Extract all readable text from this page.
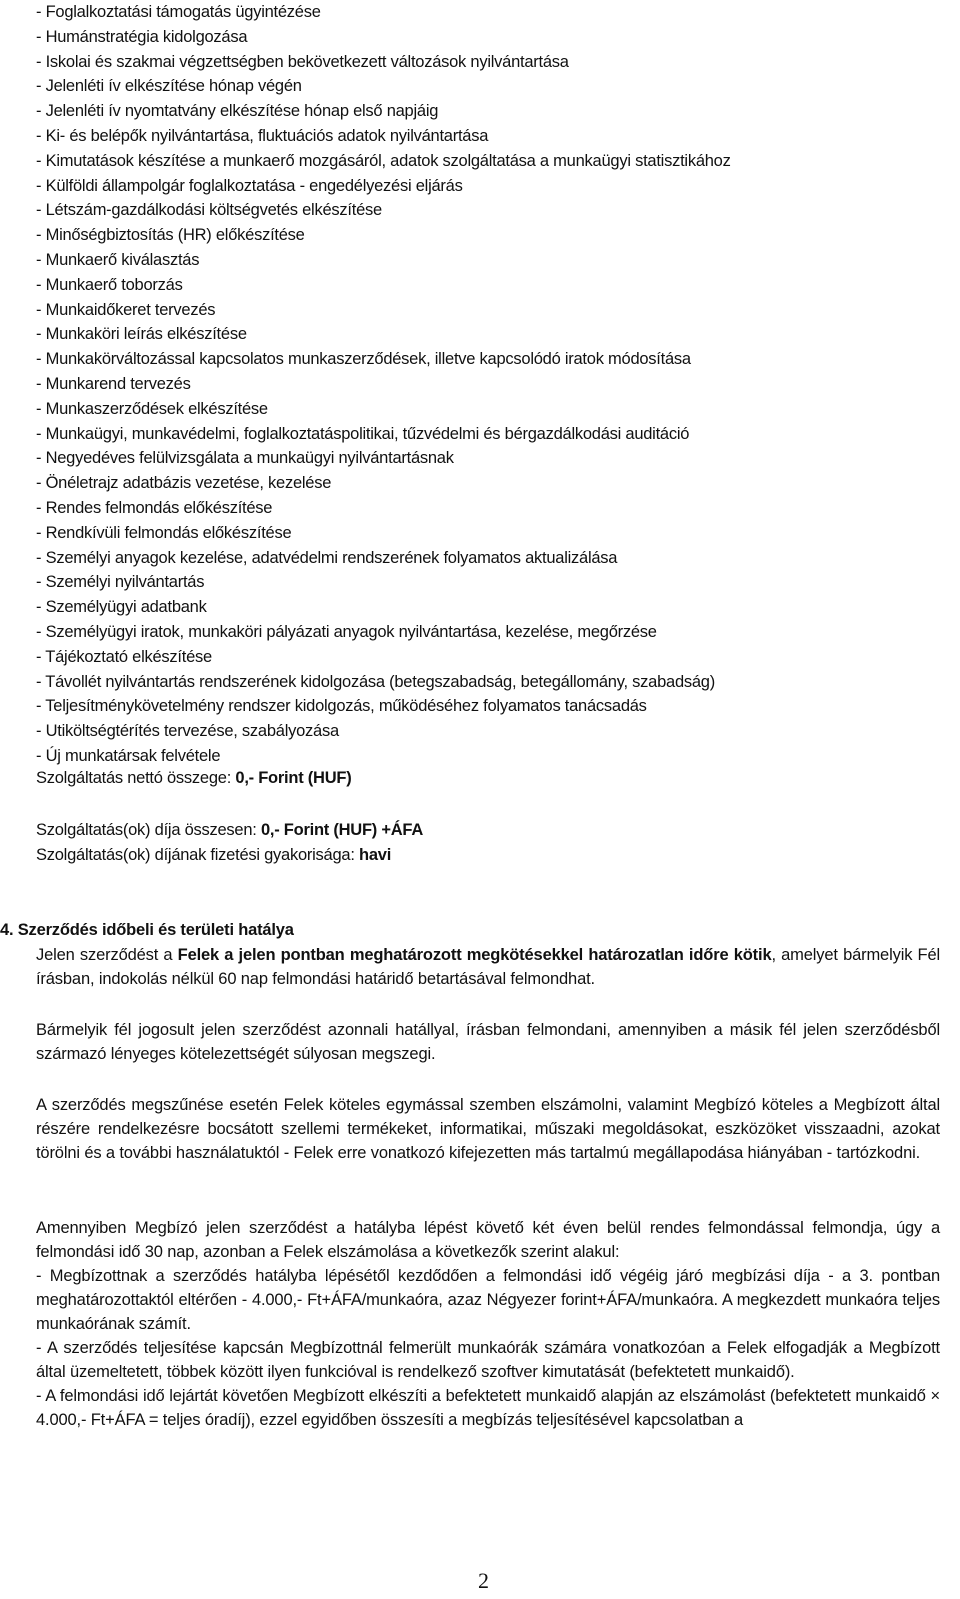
- Foglalkoztatási támogatás ügyintézése
- Humánstratégia kidolgozása
- Iskolai és szakmai végzettségben bekövetkezett változások nyilvántartása
- Jelenléti ív elkészítése hónap végén
- Jelenléti ív nyomtatvány elkészítése hónap első napjáig
- Ki- és belépők nyilvántartása, fluktuációs adatok nyilvántartása
- Kimutatások készítése a munkaerő mozgásáról, adatok szolgáltatása a munkaügyi statisztikához
- Külföldi állampolgár foglalkoztatása - engedélyezési eljárás
- Létszám-gazdálkodási költségvetés elkészítése
- Minőségbiztosítás (HR) előkészítése
- Munkaerő kiválasztás
- Munkaerő toborzás
- Munkaidőkeret tervezés
- Munkaköri leírás elkészítése
- Munkakörváltozással kapcsolatos munkaszerződések, illetve kapcsolódó iratok módosítása
- Munkarend tervezés
- Munkaszerződések elkészítése
- Munkaügyi, munkavédelmi, foglalkoztatáspolitikai, tűzvédelmi és bérgazdálkodási auditáció
- Negyedéves felülvizsgálata a munkaügyi nyilvántartásnak
- Önéletrajz adatbázis vezetése, kezelése
- Rendes felmondás előkészítése
- Rendkívüli felmondás előkészítése
- Személyi anyagok kezelése, adatvédelmi rendszerének folyamatos aktualizálása
- Személyi nyilvántartás
- Személyügyi adatbank
- Személyügyi iratok, munkaköri pályázati anyagok nyilvántartása, kezelése, megőrzése
- Tájékoztató elkészítése
- Távollét nyilvántartás rendszerének kidolgozása (betegszabadság, betegállomány, szabadság)
- Teljesítménykövetelmény rendszer kidolgozás, működéséhez folyamatos tanácsadás
- Utiköltségtérítés tervezése, szabályozása
- Új munkatársak felvétele
Szolgáltatás nettó összege: 0,- Forint (HUF)
Szolgáltatás(ok) díja összesen: 0,- Forint (HUF) +ÁFA
Szolgáltatás(ok) díjának fizetési gyakorisága: havi
4. Szerződés időbeli és területi hatálya

Jelen szerződést a Felek a jelen pontban meghatározott megkötésekkel határozatlan időre kötik, amelyet bármelyik Fél írásban, indokolás nélkül 60 nap felmondási határidő betartásával felmondhat.

Bármelyik fél jogosult jelen szerződést azonnali hatállyal, írásban felmondani, amennyiben a másik fél jelen szerződésből származó lényeges kötelezettségét súlyosan megszegi.

A szerződés megszűnése esetén Felek köteles egymással szemben elszámolni, valamint Megbízó köteles a Megbízott által részére rendelkezésre bocsátott szellemi termékeket, informatikai, műszaki megoldásokat, eszközöket visszaadni, azokat törölni és a további használatuktól - Felek erre vonatkozó kifejezetten más tartalmú megállapodása hiányában - tartózkodni.

Amennyiben Megbízó jelen szerződést a hatályba lépést követő két éven belül rendes felmondással felmondja, úgy a felmondási idő 30 nap, azonban a Felek elszámolása a következők szerint alakul:

- Megbízottnak a szerződés hatályba lépésétől kezdődően a felmondási idő végéig járó megbízási díja - a 3. pontban meghatározottaktól eltérően - 4.000,- Ft+ÁFA/munkaóra, azaz Négyezer forint+ÁFA/munkaóra. A megkezdett munkaóra teljes munkaórának számít.

- A szerződés teljesítése kapcsán Megbízottnál felmerült munkaórák számára vonatkozóan a Felek elfogadják a Megbízott által üzemeltetett, többek között ilyen funkcióval is rendelkező szoftver kimutatását (befektetett munkaidő).

- A felmondási idő lejártát követően Megbízott elkészíti a befektetett munkaidő alapján az elszámolást (befektetett munkaidő × 4.000,- Ft+ÁFA = teljes óradíj), ezzel egyidőben összesíti a megbízás teljesítésével kapcsolatban a

2
